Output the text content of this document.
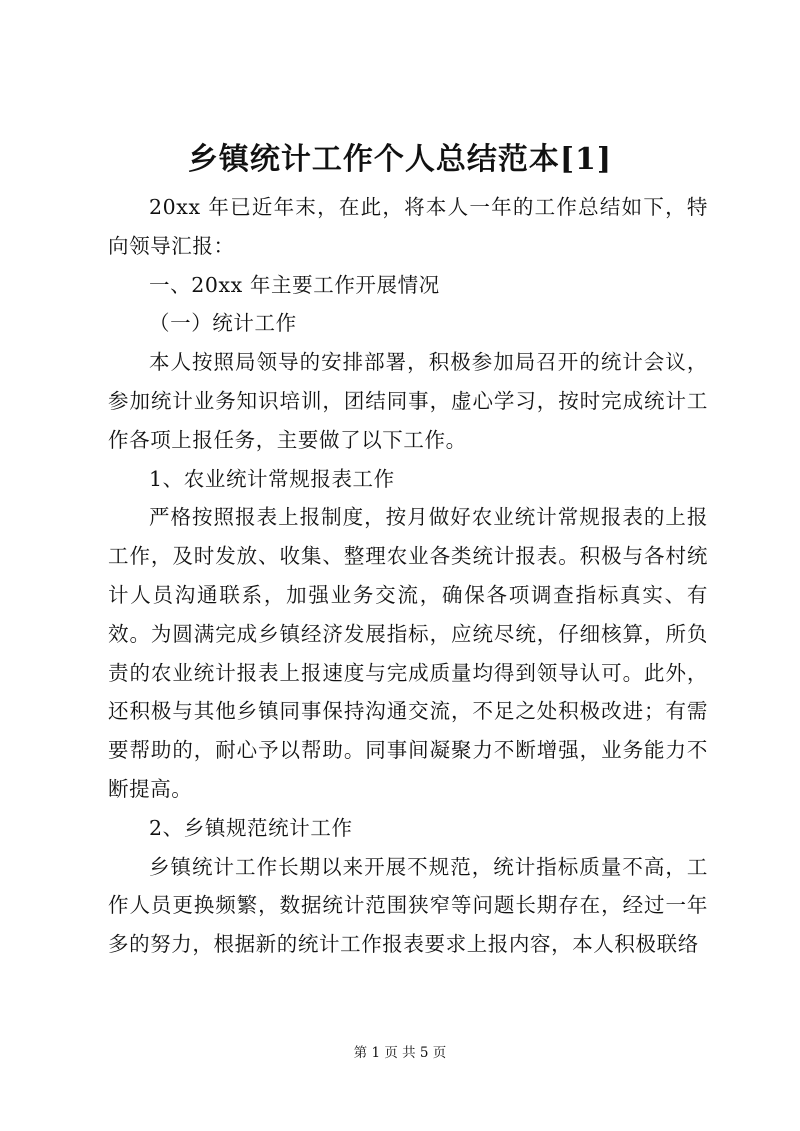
乡镇统计工作个人总结范本[1]

20xx 年已近年末，在此，将本人一年的工作总结如下，特向领导汇报：

一、20xx 年主要工作开展情况

（一）统计工作

本人按照局领导的安排部署，积极参加局召开的统计会议，参加统计业务知识培训，团结同事，虚心学习，按时完成统计工作各项上报任务，主要做了以下工作。

1、农业统计常规报表工作

严格按照报表上报制度，按月做好农业统计常规报表的上报工作，及时发放、收集、整理农业各类统计报表。积极与各村统计人员沟通联系，加强业务交流，确保各项调查指标真实、有效。为圆满完成乡镇经济发展指标，应统尽统，仔细核算，所负责的农业统计报表上报速度与完成质量均得到领导认可。此外，还积极与其他乡镇同事保持沟通交流，不足之处积极改进；有需要帮助的，耐心予以帮助。同事间凝聚力不断增强，业务能力不断提高。

2、乡镇规范统计工作

乡镇统计工作长期以来开展不规范，统计指标质量不高，工作人员更换频繁，数据统计范围狭窄等问题长期存在，经过一年多的努力，根据新的统计工作报表要求上报内容，本人积极联络

第 1 页 共 5 页
